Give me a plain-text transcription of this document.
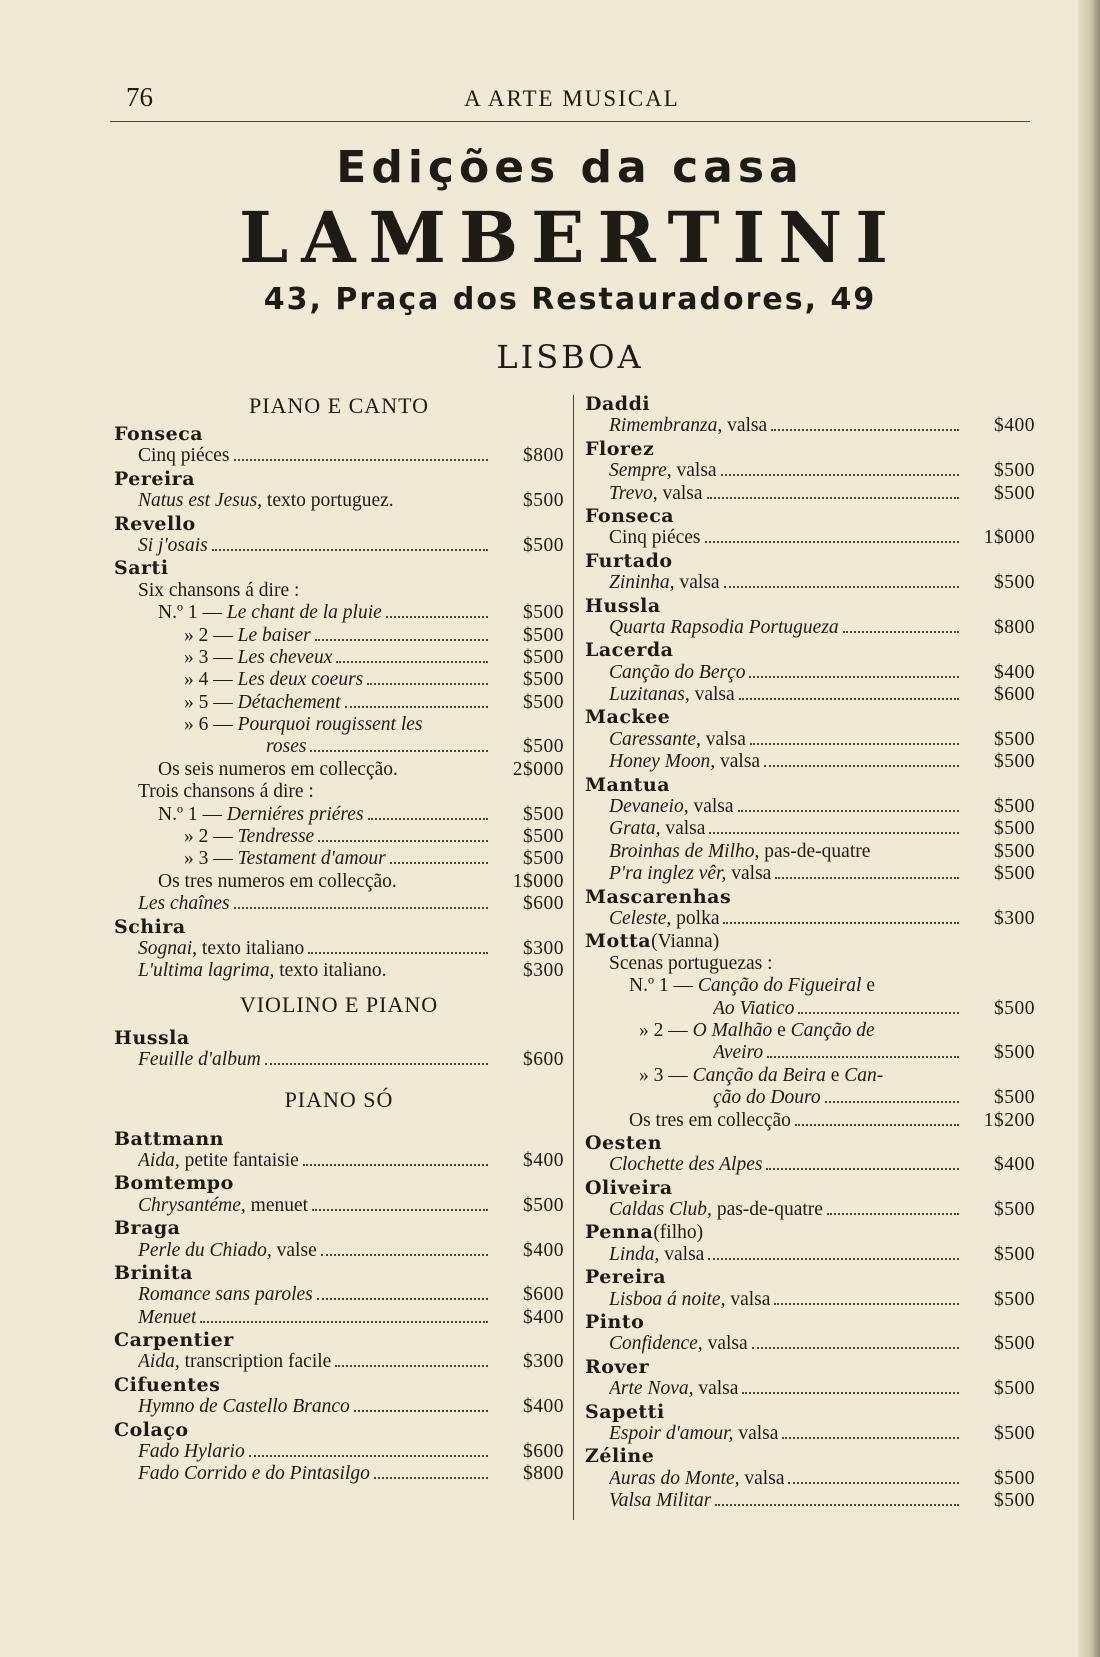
76	A ARTE MUSICAL
Edições da casa
LAMBERTINI
43, Praça dos Restauradores, 49
LISBOA
PIANO E CANTO
Fonseca
Cinq piéces	$800
Pereira
Natus est Jesus, texto portuguez.	$500
Revello
Si j'osais	$500
Sarti
Six chansons á dire :
N.º 1 — Le chant de la pluie	$500
» 2 — Le baiser	$500
» 3 — Les cheveux	$500
» 4 — Les deux coeurs	$500
» 5 — Détachement	$500
» 6 — Pourquoi rougissent les
roses	$500
Os seis numeros em collecção.	2$000
Trois chansons á dire :
N.º 1 — Derniéres priéres	$500
» 2 — Tendresse	$500
» 3 — Testament d'amour	$500
Os tres numeros em collecção.	1$000
Les chaînes	$600
Schira
Sognai, texto italiano	$300
L'ultima lagrima, texto italiano.	$300
VIOLINO E PIANO
Hussla
Feuille d'album	$600
PIANO SÓ
Battmann
Aida, petite fantaisie	$400
Bomtempo
Chrysantéme, menuet	$500
Braga
Perle du Chiado, valse	$400
Brinita
Romance sans paroles	$600
Menuet	$400
Carpentier
Aida, transcription facile	$300
Cifuentes
Hymno de Castello Branco	$400
Colaço
Fado Hylario	$600
Fado Corrido e do Pintasilgo	$800
Daddi
Rimembranza, valsa	$400
Florez
Sempre, valsa	$500
Trevo, valsa	$500
Fonseca
Cinq piéces	1$000
Furtado
Zininha, valsa	$500
Hussla
Quarta Rapsodia Portugueza	$800
Lacerda
Canção do Berço	$400
Luzitanas, valsa	$600
Mackee
Caressante, valsa	$500
Honey Moon, valsa	$500
Mantua
Devaneio, valsa	$500
Grata, valsa	$500
Broinhas de Milho, pas-de-quatre	$500
P'ra inglez vêr, valsa	$500
Mascarenhas
Celeste, polka	$300
Motta (Vianna)
Scenas portuguezas :
N.º 1 — Canção do Figueiral e
Ao Viatico	$500
» 2 — O Malhão e Canção de
Aveiro	$500
» 3 — Canção da Beira e Can-
ção do Douro	$500
Os tres em collecção	1$200
Oesten
Clochette des Alpes	$400
Oliveira
Caldas Club, pas-de-quatre	$500
Penna (filho)
Linda, valsa	$500
Pereira
Lisboa á noite, valsa	$500
Pinto
Confidence, valsa	$500
Rover
Arte Nova, valsa	$500
Sapetti
Espoir d'amour, valsa	$500
Zéline
Auras do Monte, valsa	$500
Valsa Militar	$500
